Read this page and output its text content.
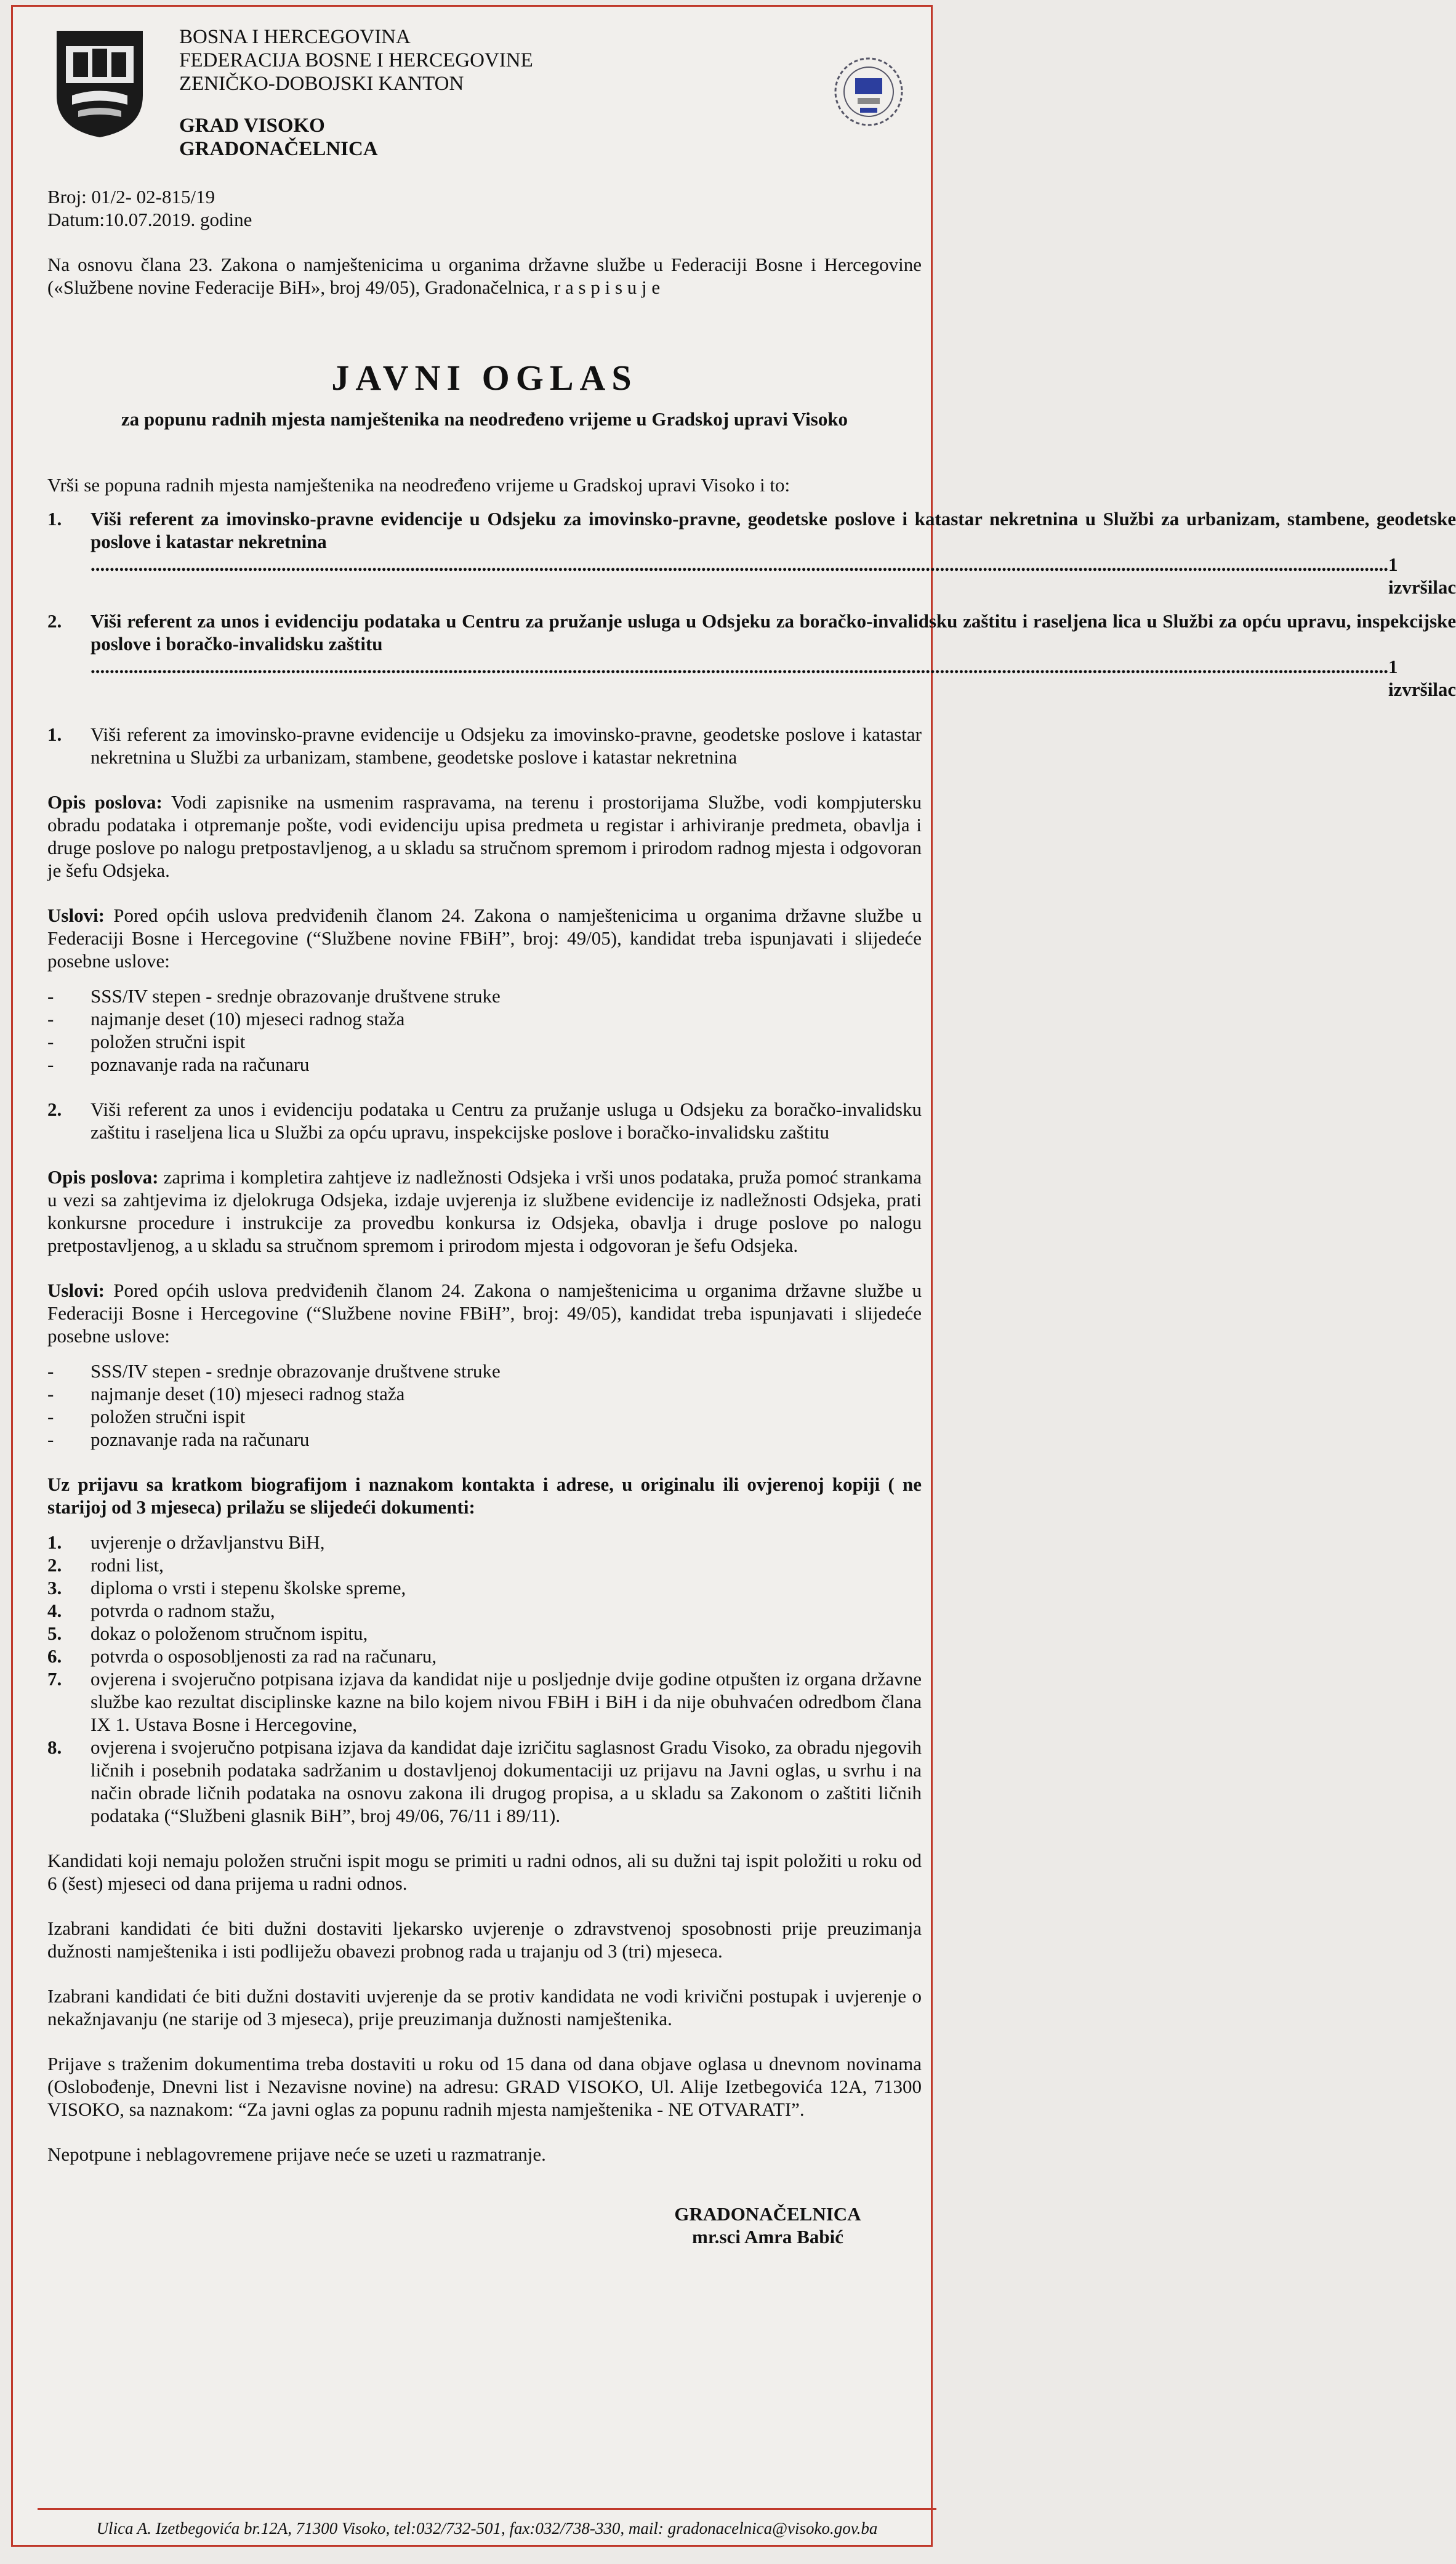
BOSNA I HERCEGOVINA
FEDERACIJA BOSNE I HERCEGOVINE
ZENIČKO-DOBOJSKI KANTON
GRAD VISOKO
GRADONAČELNICA
Broj: 01/2- 02-815/19
Datum:10.07.2019. godine
Na osnovu člana 23. Zakona o namještenicima u organima državne službe u Federaciji Bosne i Hercegovine («Službene novine Federacije BiH», broj 49/05), Gradonačelnica, r a s p i s u j e
JAVNI OGLAS
za popunu radnih mjesta namještenika na neodređeno vrijeme u Gradskoj upravi Visoko
Vrši se popuna radnih mjesta namještenika na neodređeno vrijeme u Gradskoj upravi Visoko i to:
1.	Viši referent za imovinsko-pravne evidencije u Odsjeku za imovinsko-pravne, geodetske poslove i katastar nekretnina u Službi za urbanizam, stambene, geodetske poslove i katastar nekretnina
................................................................................................................................................................................................................................................................................ 1 izvršilac
2.	Viši referent za unos i evidenciju podataka u Centru za pružanje usluga u Odsjeku za boračko-invalidsku zaštitu i raseljena lica u Službi za opću upravu, inspekcijske poslove i boračko-invalidsku zaštitu
................................................................................................................................................................................................................................................................................ 1 izvršilac
1.	Viši referent za imovinsko-pravne evidencije u Odsjeku za imovinsko-pravne, geodetske poslove i katastar nekretnina u Službi za urbanizam, stambene, geodetske poslove i katastar nekretnina
Opis poslova: Vodi zapisnike na usmenim raspravama, na terenu i prostorijama Službe, vodi kompjutersku obradu podataka i otpremanje pošte, vodi evidenciju upisa predmeta u registar i arhiviranje predmeta, obavlja i druge poslove po nalogu pretpostavljenog, a u skladu sa stručnom spremom i prirodom radnog mjesta i odgovoran je šefu Odsjeka.
Uslovi: Pored općih uslova predviđenih članom 24. Zakona o namještenicima u organima državne službe u Federaciji Bosne i Hercegovine (“Službene novine FBiH”, broj: 49/05), kandidat treba ispunjavati i slijedeće posebne uslove:
-	SSS/IV stepen - srednje obrazovanje društvene struke
-	najmanje deset (10) mjeseci radnog staža
-	položen stručni ispit
-	poznavanje rada na računaru
2.	Viši referent za unos i evidenciju podataka u Centru za pružanje usluga u Odsjeku za boračko-invalidsku zaštitu i raseljena lica u Službi za opću upravu, inspekcijske poslove i boračko-invalidsku zaštitu
Opis poslova: zaprima i kompletira zahtjeve iz nadležnosti Odsjeka i vrši unos podataka, pruža pomoć strankama u vezi sa zahtjevima iz djelokruga Odsjeka, izdaje uvjerenja iz službene evidencije iz nadležnosti Odsjeka, prati konkursne procedure i instrukcije za provedbu konkursa iz Odsjeka, obavlja i druge poslove po nalogu pretpostavljenog, a u skladu sa stručnom spremom i prirodom mjesta i odgovoran je šefu Odsjeka.
Uslovi: Pored općih uslova predviđenih članom 24. Zakona o namještenicima u organima državne službe u Federaciji Bosne i Hercegovine (“Službene novine FBiH”, broj: 49/05), kandidat treba ispunjavati i slijedeće posebne uslove:
-	SSS/IV stepen - srednje obrazovanje društvene struke
-	najmanje deset (10) mjeseci radnog staža
-	položen stručni ispit
-	poznavanje rada na računaru
Uz prijavu sa kratkom biografijom i naznakom kontakta i adrese, u originalu ili ovjerenoj kopiji ( ne starijoj od 3 mjeseca) prilažu se slijedeći dokumenti:
1.	uvjerenje o državljanstvu BiH,
2.	rodni list,
3.	diploma o vrsti i stepenu školske spreme,
4.	potvrda o radnom stažu,
5.	dokaz o položenom stručnom ispitu,
6.	potvrda o osposobljenosti za rad na računaru,
7.	ovjerena i svojeručno potpisana izjava da kandidat nije u posljednje dvije godine otpušten iz organa državne službe kao rezultat disciplinske kazne na bilo kojem nivou FBiH i BiH i da nije obuhvaćen odredbom člana IX 1. Ustava Bosne i Hercegovine,
8.	ovjerena i svojeručno potpisana izjava da kandidat daje izričitu saglasnost Gradu Visoko, za obradu njegovih ličnih i posebnih podataka sadržanim u dostavljenoj dokumentaciji uz prijavu na Javni oglas, u svrhu i na način obrade ličnih podataka na osnovu zakona ili drugog propisa, a u skladu sa Zakonom o zaštiti ličnih podataka (“Službeni glasnik BiH”, broj 49/06, 76/11 i 89/11).
Kandidati koji nemaju položen stručni ispit mogu se primiti u radni odnos, ali su dužni taj ispit položiti u roku od 6 (šest) mjeseci od dana prijema u radni odnos.
Izabrani kandidati će biti dužni dostaviti ljekarsko uvjerenje o zdravstvenoj sposobnosti prije preuzimanja dužnosti namještenika i isti podliježu obavezi probnog rada u trajanju od 3 (tri) mjeseca.
Izabrani kandidati će biti dužni dostaviti uvjerenje da se protiv kandidata ne vodi krivični postupak i uvjerenje o nekažnjavanju (ne starije od 3 mjeseca), prije preuzimanja dužnosti namještenika.
Prijave s traženim dokumentima treba dostaviti u roku od 15 dana od dana objave oglasa u dnevnom novinama (Oslobođenje, Dnevni list i Nezavisne novine) na adresu: GRAD VISOKO, Ul. Alije Izetbegovića 12A, 71300 VISOKO, sa naznakom: “Za javni oglas za popunu radnih mjesta namještenika - NE OTVARATI”.
Nepotpune i neblagovremene prijave neće se uzeti u razmatranje.
GRADONAČELNICA
mr.sci Amra Babić
Ulica A. Izetbegovića br.12A, 71300 Visoko, tel:032/732-501, fax:032/738-330, mail: gradonacelnica@visoko.gov.ba
